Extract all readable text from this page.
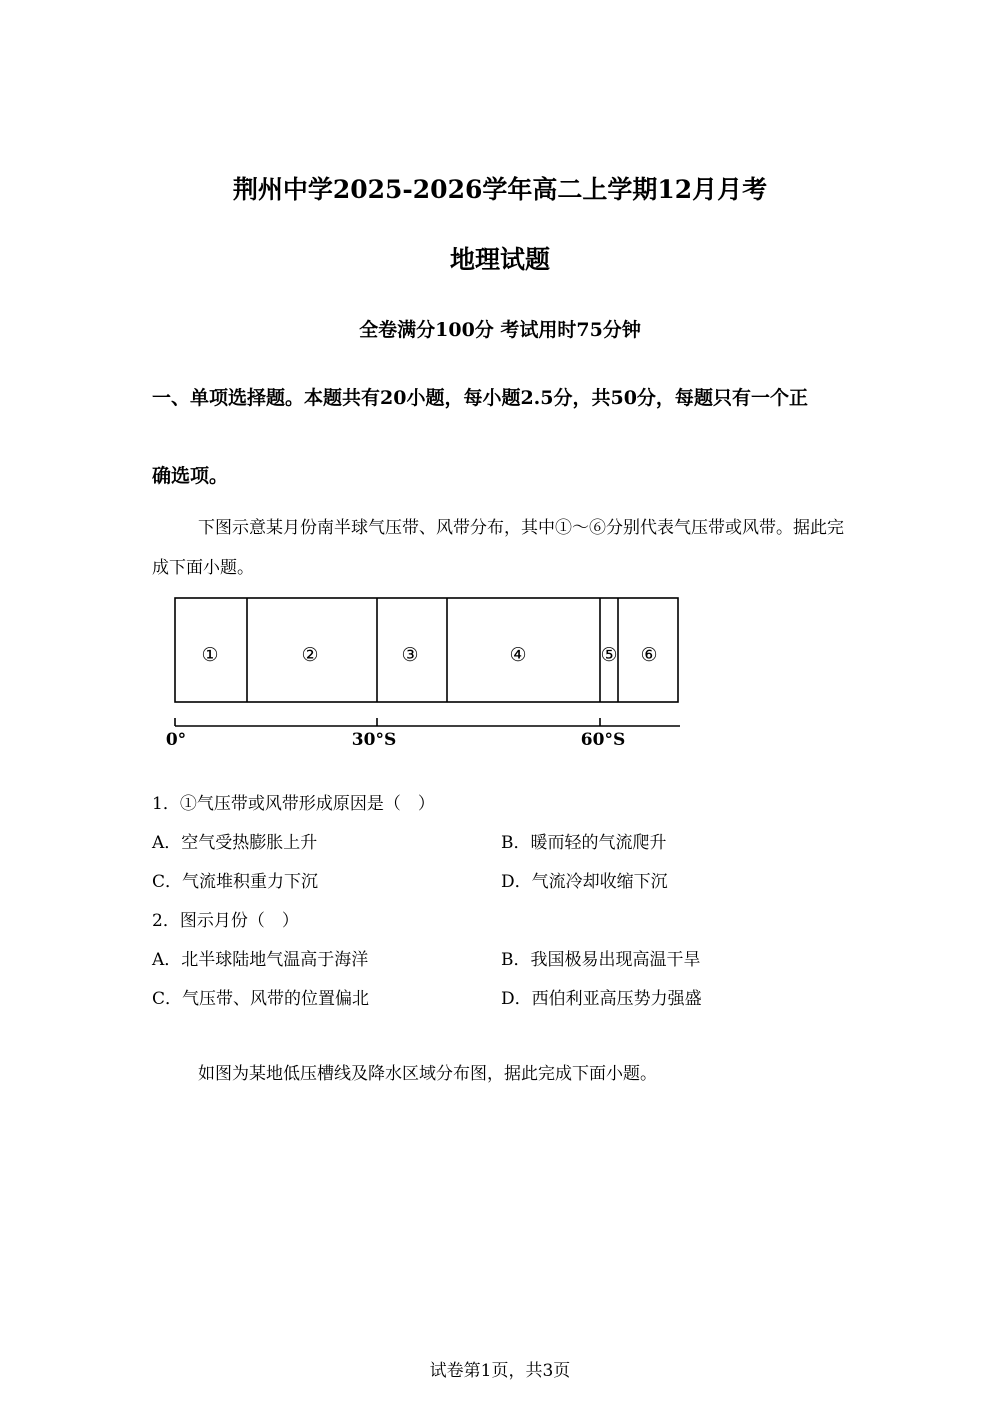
荆州中学2025-2026学年高二上学期12月月考
地理试题
全卷满分100分 考试用时75分钟
一、单项选择题。本题共有20小题，每小题2.5分，共50分，每题只有一个正
确选项。
下图示意某月份南半球气压带、风带分布，其中①～⑥分别代表气压带或风带。据此完成下面小题。
①	②	③	④	⑤ ⑥
0°	30°S	60°S
1．①气压带或风带形成原因是（　）
A．空气受热膨胀上升	B．暖而轻的气流爬升
C．气流堆积重力下沉	D．气流冷却收缩下沉
2．图示月份（　）
A．北半球陆地气温高于海洋	B．我国极易出现高温干旱
C．气压带、风带的位置偏北	D．西伯利亚高压势力强盛
如图为某地低压槽线及降水区域分布图，据此完成下面小题。
试卷第1页，共3页
